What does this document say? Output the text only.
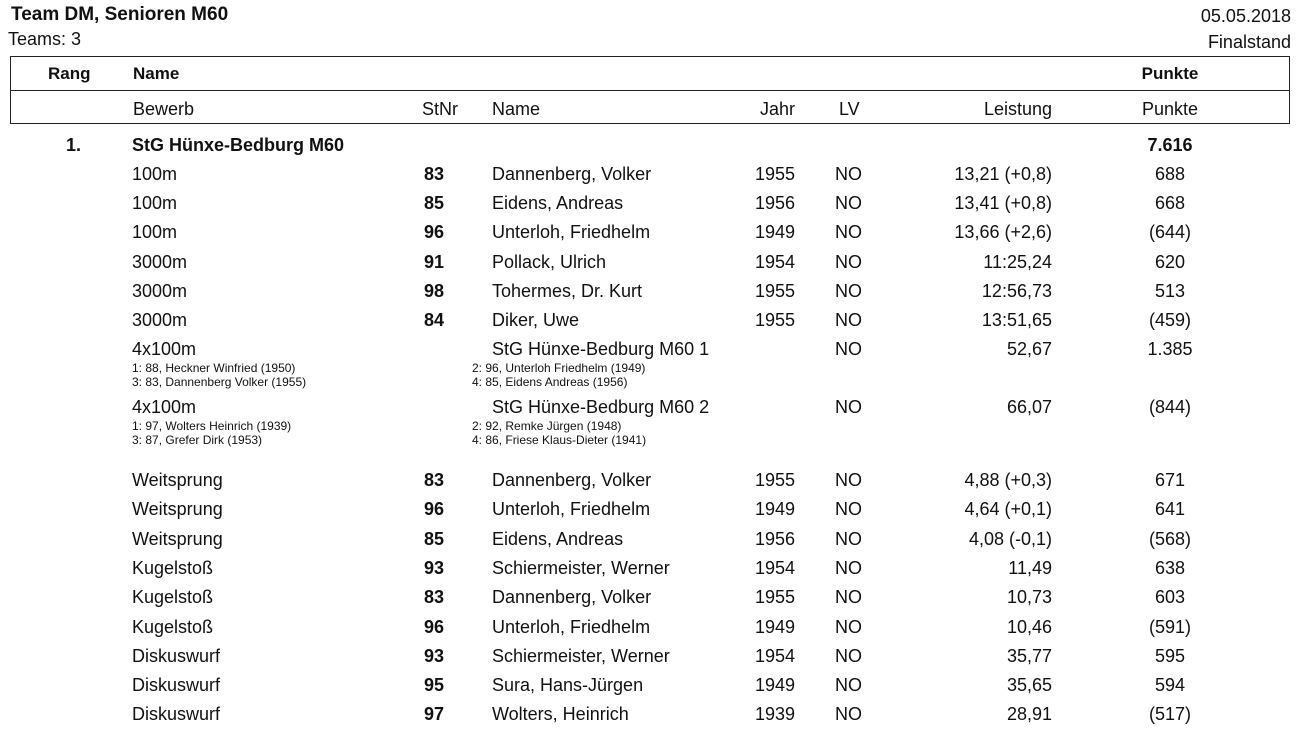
Team DM, Senioren M60
Teams: 3
05.05.2018
Finalstand
Rang	Name	Punkte
Bewerb	StNr Name	Jahr LV	Leistung	Punkte
1.	StG Hünxe-Bedburg M60	7.616
100m	83	Dannenberg, Volker	1955 NO	13,21 (+0,8)	688
100m	85	Eidens, Andreas	1956 NO	13,41 (+0,8)	668
100m	96	Unterloh, Friedhelm	1949 NO	13,66 (+2,6)	(644)
3000m	91	Pollack, Ulrich	1954 NO	11:25,24	620
3000m	98	Tohermes, Dr. Kurt	1955 NO	12:56,73	513
3000m	84	Diker, Uwe	1955 NO	13:51,65	(459)
4x100m	StG Hünxe-Bedburg M60 1	NO	52,67	1.385
1: 88, Heckner Winfried (1950)	2: 96, Unterloh Friedhelm (1949)
3: 83, Dannenberg Volker (1955)	4: 85, Eidens Andreas (1956)
4x100m	StG Hünxe-Bedburg M60 2	NO	66,07	(844)
1: 97, Wolters Heinrich (1939)	2: 92, Remke Jürgen (1948)
3: 87, Grefer Dirk (1953)	4: 86, Friese Klaus-Dieter (1941)
Weitsprung	83	Dannenberg, Volker	1955 NO	4,88 (+0,3)	671
Weitsprung	96	Unterloh, Friedhelm	1949 NO	4,64 (+0,1)	641
Weitsprung	85	Eidens, Andreas	1956 NO	4,08 (-0,1)	(568)
Kugelstoß	93	Schiermeister, Werner	1954 NO	11,49	638
Kugelstoß	83	Dannenberg, Volker	1955 NO	10,73	603
Kugelstoß	96	Unterloh, Friedhelm	1949 NO	10,46	(591)
Diskuswurf	93	Schiermeister, Werner	1954 NO	35,77	595
Diskuswurf	95	Sura, Hans-Jürgen	1949 NO	35,65	594
Diskuswurf	97	Wolters, Heinrich	1939 NO	28,91	(517)
